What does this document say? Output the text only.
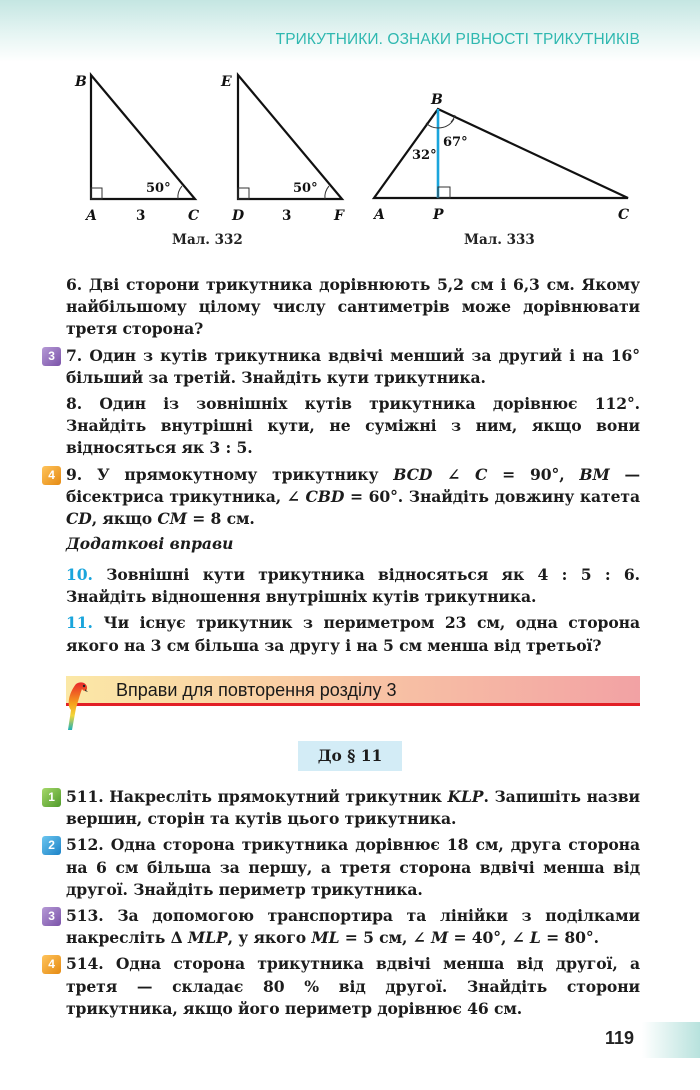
ТРИКУТНИКИ. ОЗНАКИ РІВНОСТІ ТРИКУТНИКІВ
B
A	C
E
D	F
3	3
50°	50°
Мал. 332
B
A	P	C
32°
67°
Мал. 333
6. Дві сторони трикутника дорівнюють 5,2 см і 6,3 см. Якому найбільшому цілому числу сантиметрів може дорівнювати третя сторона?
3 7. Один з кутів трикутника вдвічі менший за другий і на 16° більший за третій. Знайдіть кути трикутника.
8. Один із зовнішніх кутів трикутника дорівнює 112°. Знайдіть внутрішні кути, не суміжні з ним, якщо вони відносяться як 3 : 5.
4 9. У прямокутному трикутнику BCD ∠ C = 90°, BM — бісектриса трикутника, ∠ CBD = 60°. Знайдіть довжину катета CD, якщо CM = 8 см.
Додаткові вправи
10. Зовнішні кути трикутника відносяться як 4 : 5 : 6. Знайдіть відношення внутрішніх кутів трикутника.
11. Чи існує трикутник з периметром 23 см, одна сторона якого на 3 см більша за другу і на 5 см менша від третьої?
Вправи для повторення розділу 3
До § 11
1 511. Накресліть прямокутний трикутник KLP. Запишіть назви вершин, сторін та кутів цього трикутника.
2 512. Одна сторона трикутника дорівнює 18 см, друга сторона на 6 см більша за першу, а третя сторона вдвічі менша від другої. Знайдіть периметр трикутника.
3 513. За допомогою транспортира та лінійки з поділками накресліть Δ MLP, у якого ML = 5 см, ∠ M = 40°, ∠ L = 80°.
4 514. Одна сторона трикутника вдвічі менша від другої, а третя — складає 80 % від другої. Знайдіть сторони трикутника, якщо його периметр дорівнює 46 см.
119
